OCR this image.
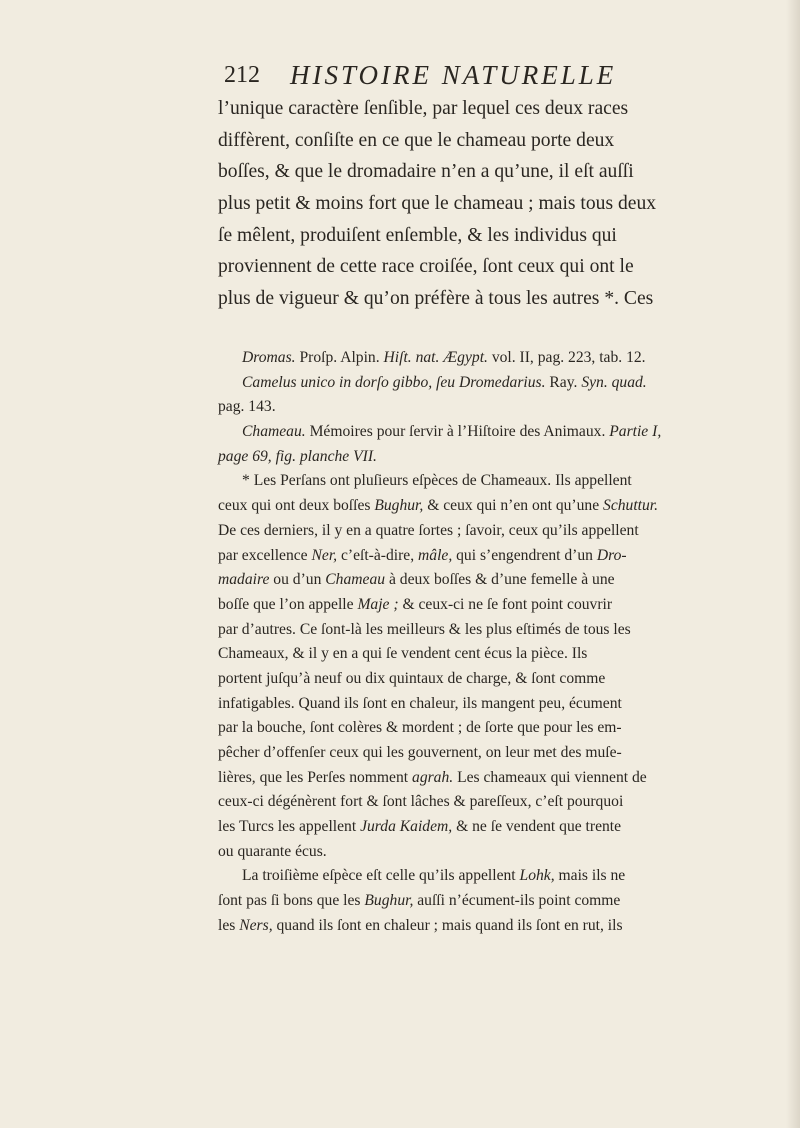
212 HISTOIRE NATURELLE
l’unique caractère ſenſible, par lequel ces deux races
diffèrent, conſiſte en ce que le chameau porte deux
boſſes, & que le dromadaire n’en a qu’une, il eſt auſſi
plus petit & moins fort que le chameau ; mais tous deux
ſe mêlent, produiſent enſemble, & les individus qui
proviennent de cette race croiſée, ſont ceux qui ont le
plus de vigueur & qu’on préfère à tous les autres *. Ces
Dromas. Proſp. Alpin. Hiſt. nat. Ægypt. vol. II, pag. 223, tab. 12.
Camelus unico in dorſo gibbo, ſeu Dromedarius. Ray. Syn. quad.
pag. 143.
Chameau. Mémoires pour ſervir à l’Hiſtoire des Animaux. Partie I,
page 69, fig. planche VII.
* Les Perſans ont pluſieurs eſpèces de Chameaux. Ils appellent
ceux qui ont deux boſſes Bughur, & ceux qui n’en ont qu’une Schuttur.
De ces derniers, il y en a quatre ſortes ; ſavoir, ceux qu’ils appellent
par excellence Ner, c’eſt-à-dire, mâle, qui s’engendrent d’un Dro-
madaire ou d’un Chameau à deux boſſes & d’une femelle à une
boſſe que l’on appelle Maje ; & ceux-ci ne ſe font point couvrir
par d’autres. Ce ſont-là les meilleurs & les plus eſtimés de tous les
Chameaux, & il y en a qui ſe vendent cent écus la pièce. Ils
portent juſqu’à neuf ou dix quintaux de charge, & ſont comme
infatigables. Quand ils ſont en chaleur, ils mangent peu, écument
par la bouche, ſont colères & mordent ; de ſorte que pour les em-
pêcher d’offenſer ceux qui les gouvernent, on leur met des muſe-
lières, que les Perſes nomment agrah. Les chameaux qui viennent de
ceux-ci dégénèrent fort & ſont lâches & pareſſeux, c’eſt pourquoi
les Turcs les appellent Jurda Kaidem, & ne ſe vendent que trente
ou quarante écus.
La troiſième eſpèce eſt celle qu’ils appellent Lohk, mais ils ne
ſont pas ſi bons que les Bughur, auſſi n’écument-ils point comme
les Ners, quand ils ſont en chaleur ; mais quand ils ſont en rut, ils
